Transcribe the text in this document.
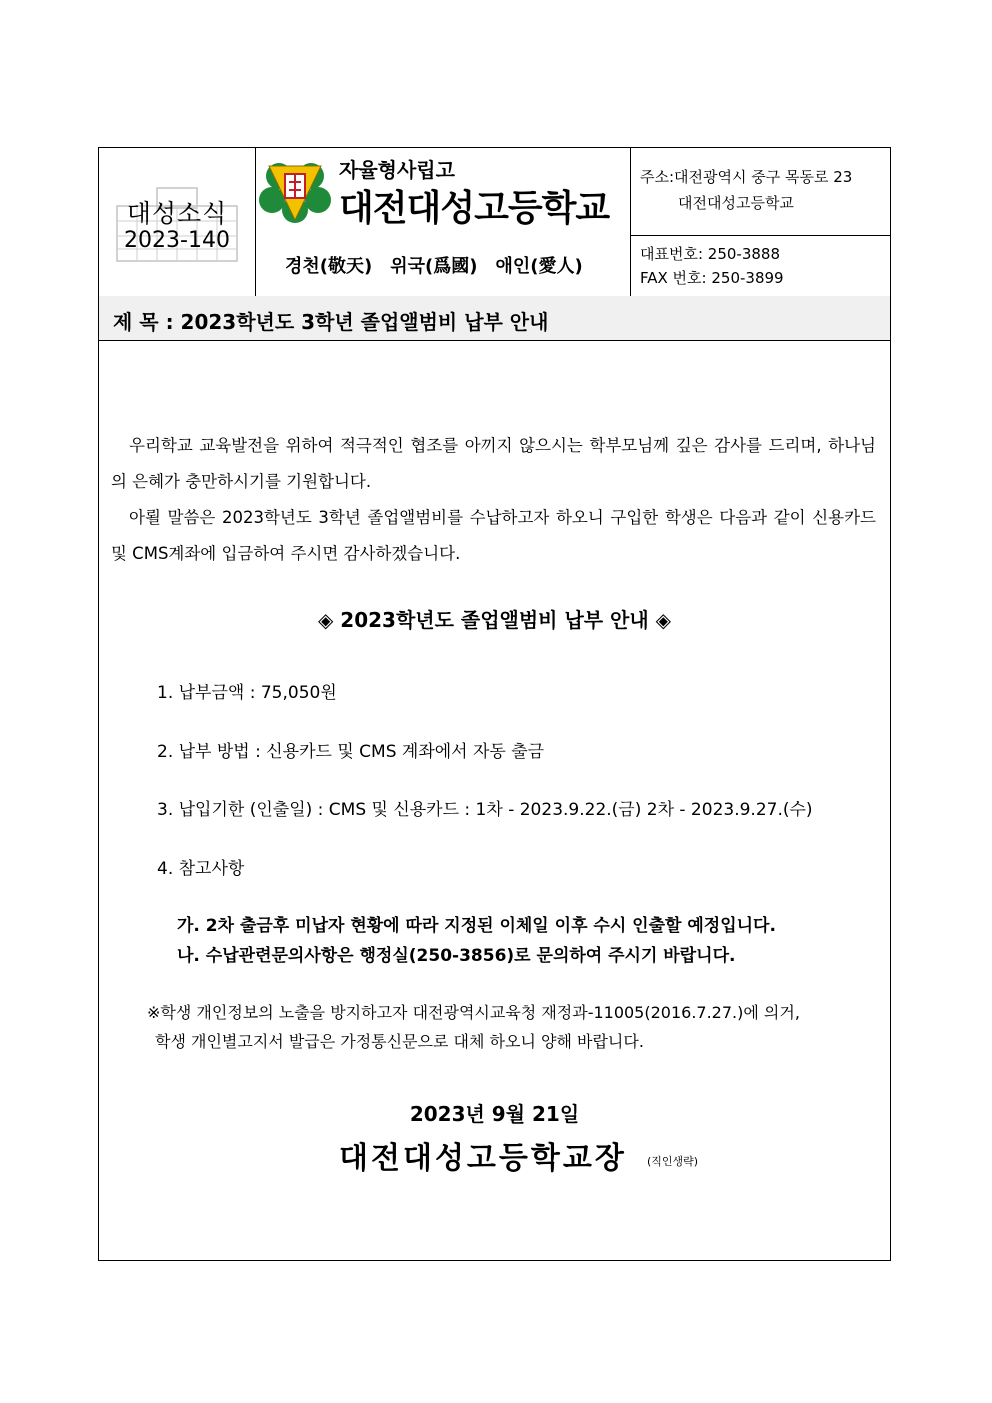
대성소식
2023-140
자율형사립고
대전대성고등학교
경천(敬天)　위국(爲國)　애인(愛人)
주소:대전광역시 중구 목동로 23
대전대성고등학교
대표번호: 250-3888
FAX 번호: 250-3899
제 목 : 2023학년도 3학년 졸업앨범비 납부 안내
우리학교 교육발전을 위하여 적극적인 협조를 아끼지 않으시는 학부모님께 깊은 감사를 드리며, 하나님의 은혜가 충만하시기를 기원합니다.
아뢸 말씀은 2023학년도 3학년 졸업앨범비를 수납하고자 하오니 구입한 학생은 다음과 같이 신용카드 및 CMS계좌에 입금하여 주시면 감사하겠습니다.
◈ 2023학년도 졸업앨범비 납부 안내 ◈
1. 납부금액 : 75,050원
2. 납부 방법 : 신용카드 및 CMS 계좌에서 자동 출금
3. 납입기한 (인출일) : CMS 및 신용카드 : 1차 - 2023.9.22.(금) 2차 - 2023.9.27.(수)
4. 참고사항
가. 2차 출금후 미납자 현황에 따라 지정된 이체일 이후 수시 인출할 예정입니다.
나. 수납관련문의사항은 행정실(250-3856)로 문의하여 주시기 바랍니다.
※학생 개인정보의 노출을 방지하고자 대전광역시교육청 재정과-11005(2016.7.27.)에 의거,
학생 개인별고지서 발급은 가정통신문으로 대체 하오니 양해 바랍니다.
2023년 9월 21일
대전대성고등학교장 (직인생략)
